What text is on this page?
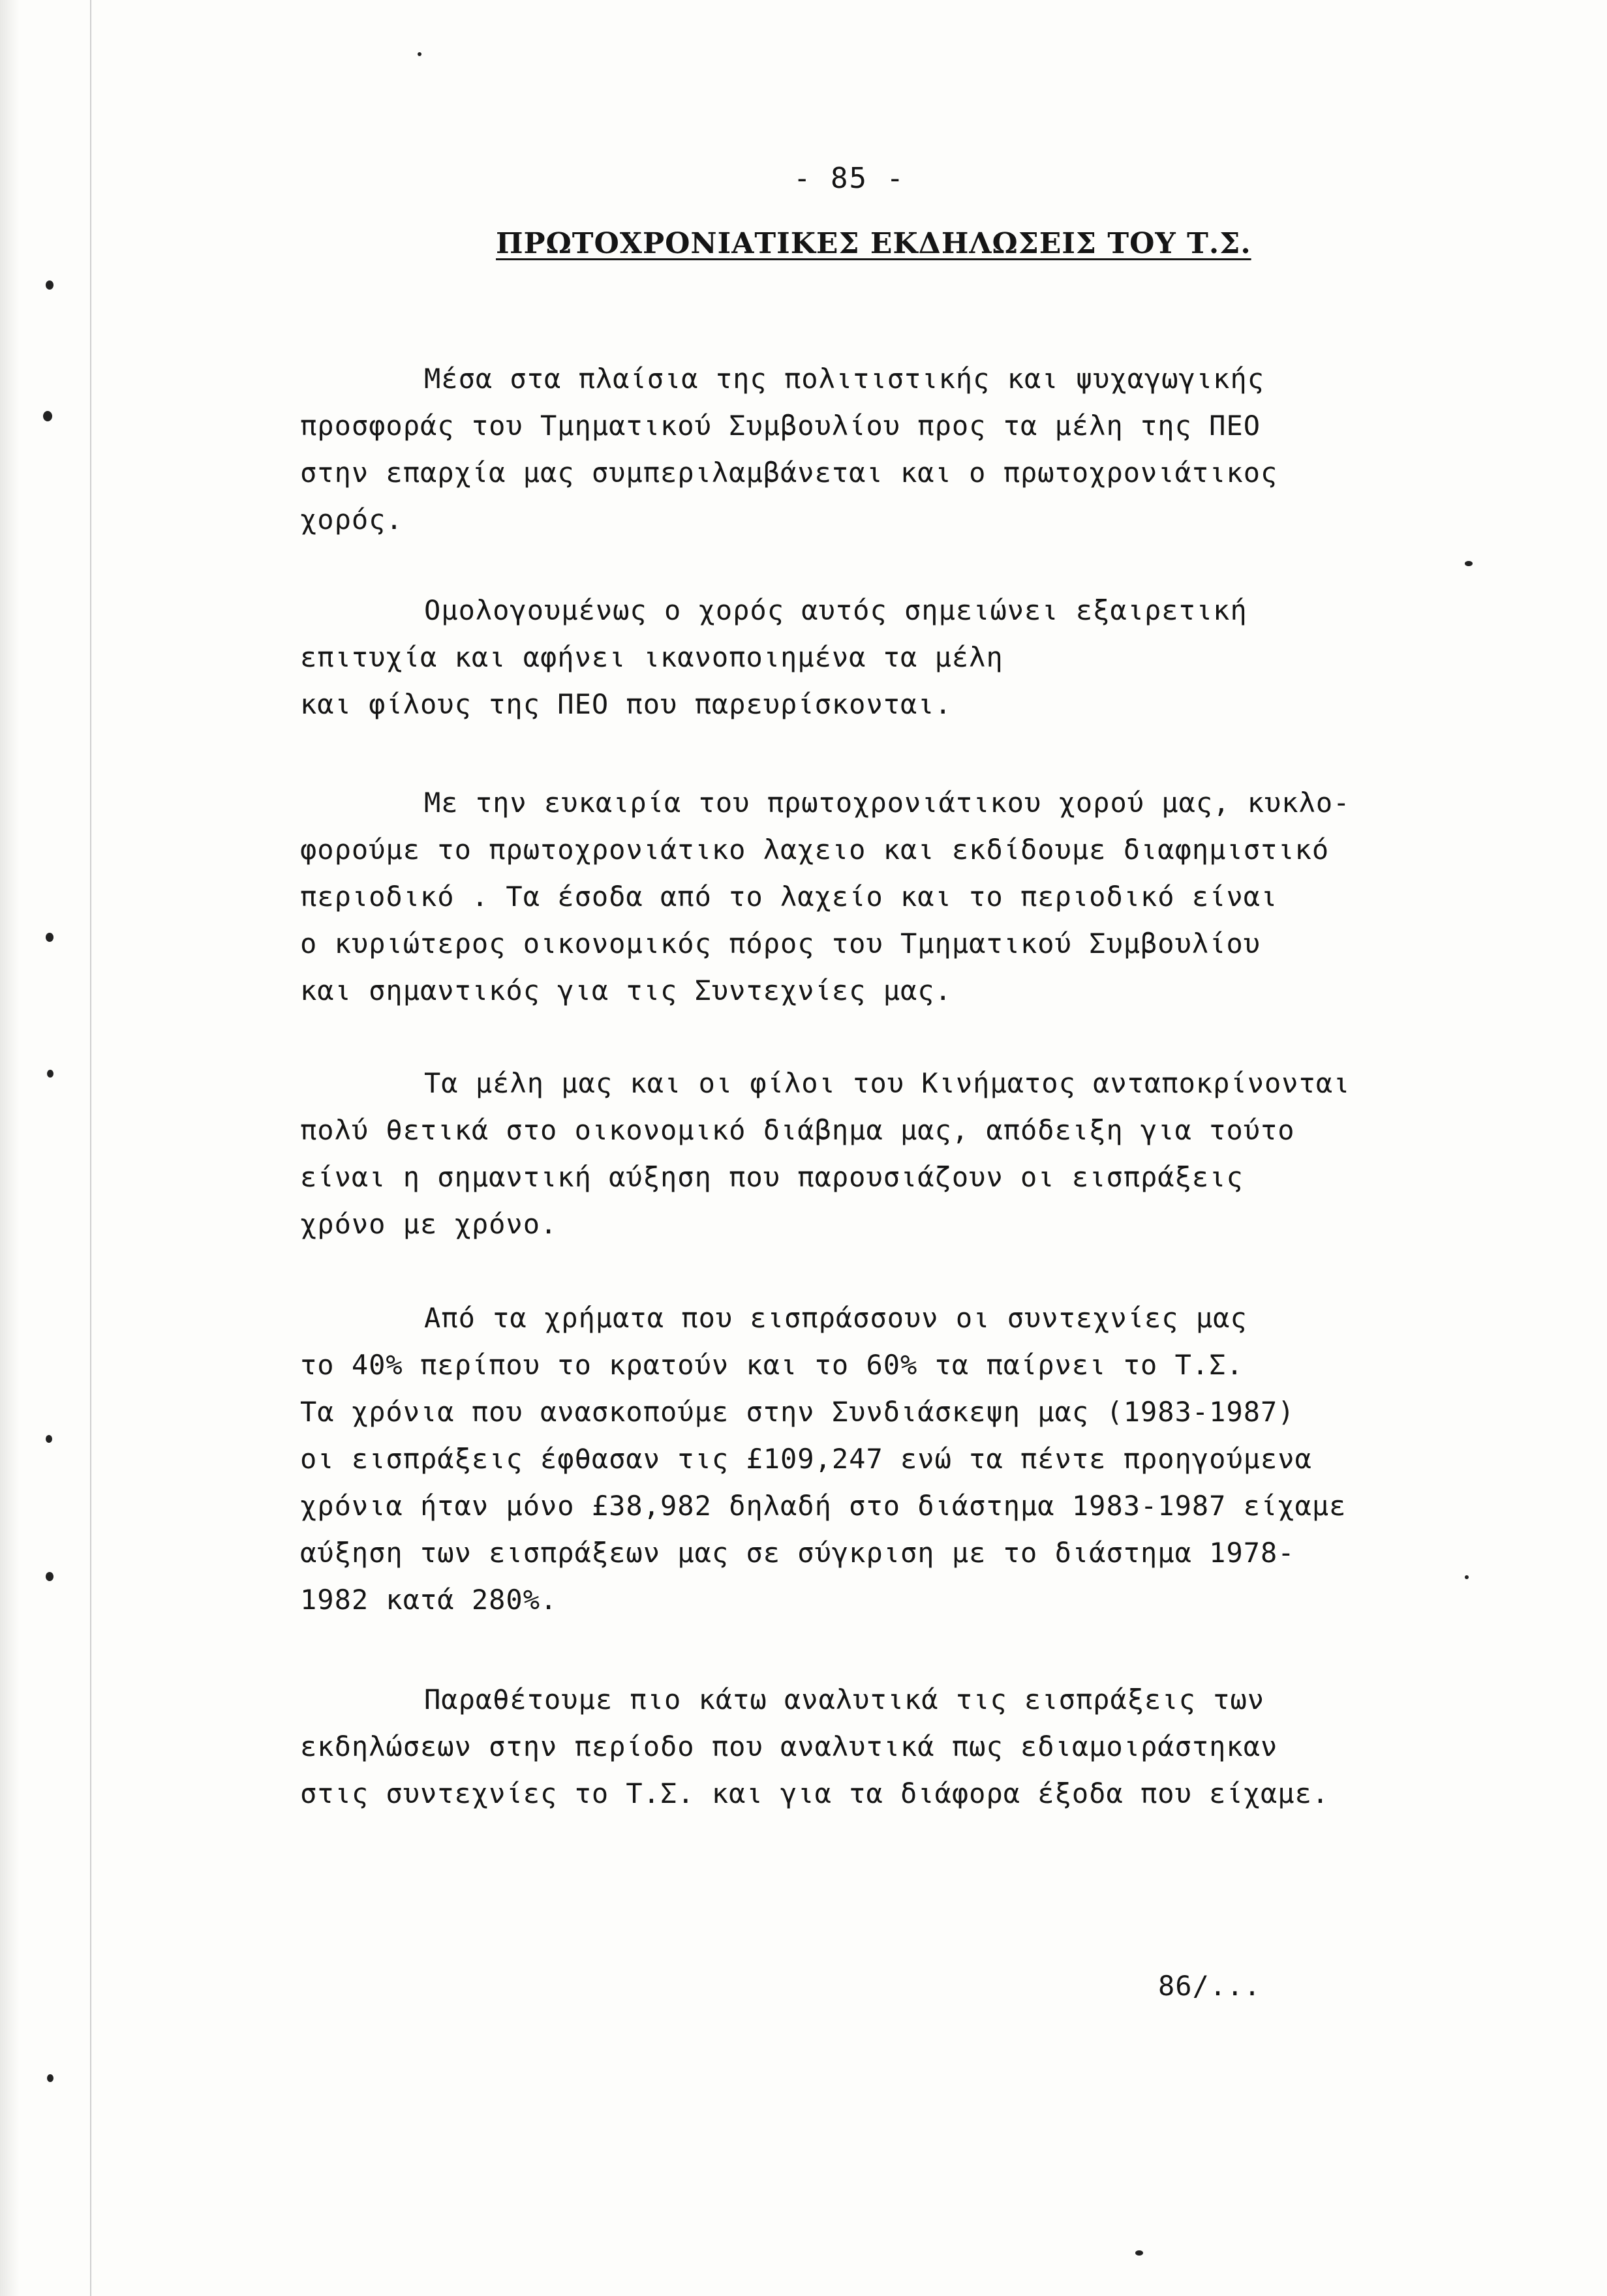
- 85 -
ΠΡΩΤΟΧΡΟΝΙΑΤΙΚΕΣ ΕΚΔΗΛΩΣΕΙΣ ΤΟΥ Τ.Σ.
Μέσα στα πλαίσια της πολιτιστικής και ψυχαγωγικής
προσφοράς του Τμηματικού Συμβουλίου προς τα μέλη της ΠΕΟ
στην επαρχία μας συμπεριλαμβάνεται και ο πρωτοχρονιάτικος
χορός.
Ομολογουμένως ο χορός αυτός σημειώνει εξαιρετική
επιτυχία και αφήνει ικανοποιημένα τα μέλη
και φίλους της ΠΕΟ που παρευρίσκονται.
Με την ευκαιρία του πρωτοχρονιάτικου χορού μας, κυκλο-
φορούμε το πρωτοχρονιάτικο λαχειο και εκδίδουμε διαφημιστικό
περιοδικό . Τα έσοδα από το λαχείο και το περιοδικό είναι
ο κυριώτερος οικονομικός πόρος του Τμηματικού Συμβουλίου
και σημαντικός για τις Συντεχνίες μας.
Τα μέλη μας και οι φίλοι του Κινήματος ανταποκρίνονται
πολύ θετικά στο οικονομικό διάβημα μας, απόδειξη για τούτο
είναι η σημαντική αύξηση που παρουσιάζουν οι εισπράξεις
χρόνο με χρόνο.
Από τα χρήματα που εισπράσσουν οι συντεχνίες μας
το 40% περίπου το κρατούν και το 60% τα παίρνει το Τ.Σ.
Τα χρόνια που ανασκοπούμε στην Συνδιάσκεψη μας (1983-1987)
οι εισπράξεις έφθασαν τις £109,247 ενώ τα πέντε προηγούμενα
χρόνια ήταν μόνο £38,982 δηλαδή στο διάστημα 1983-1987 είχαμε
αύξηση των εισπράξεων μας σε σύγκριση με το διάστημα 1978-
1982 κατά 280%.
Παραθέτουμε πιο κάτω αναλυτικά τις εισπράξεις των
εκδηλώσεων στην περίοδο που αναλυτικά πως εδιαμοιράστηκαν
στις συντεχνίες το Τ.Σ. και για τα διάφορα έξοδα που είχαμε.
86/...
